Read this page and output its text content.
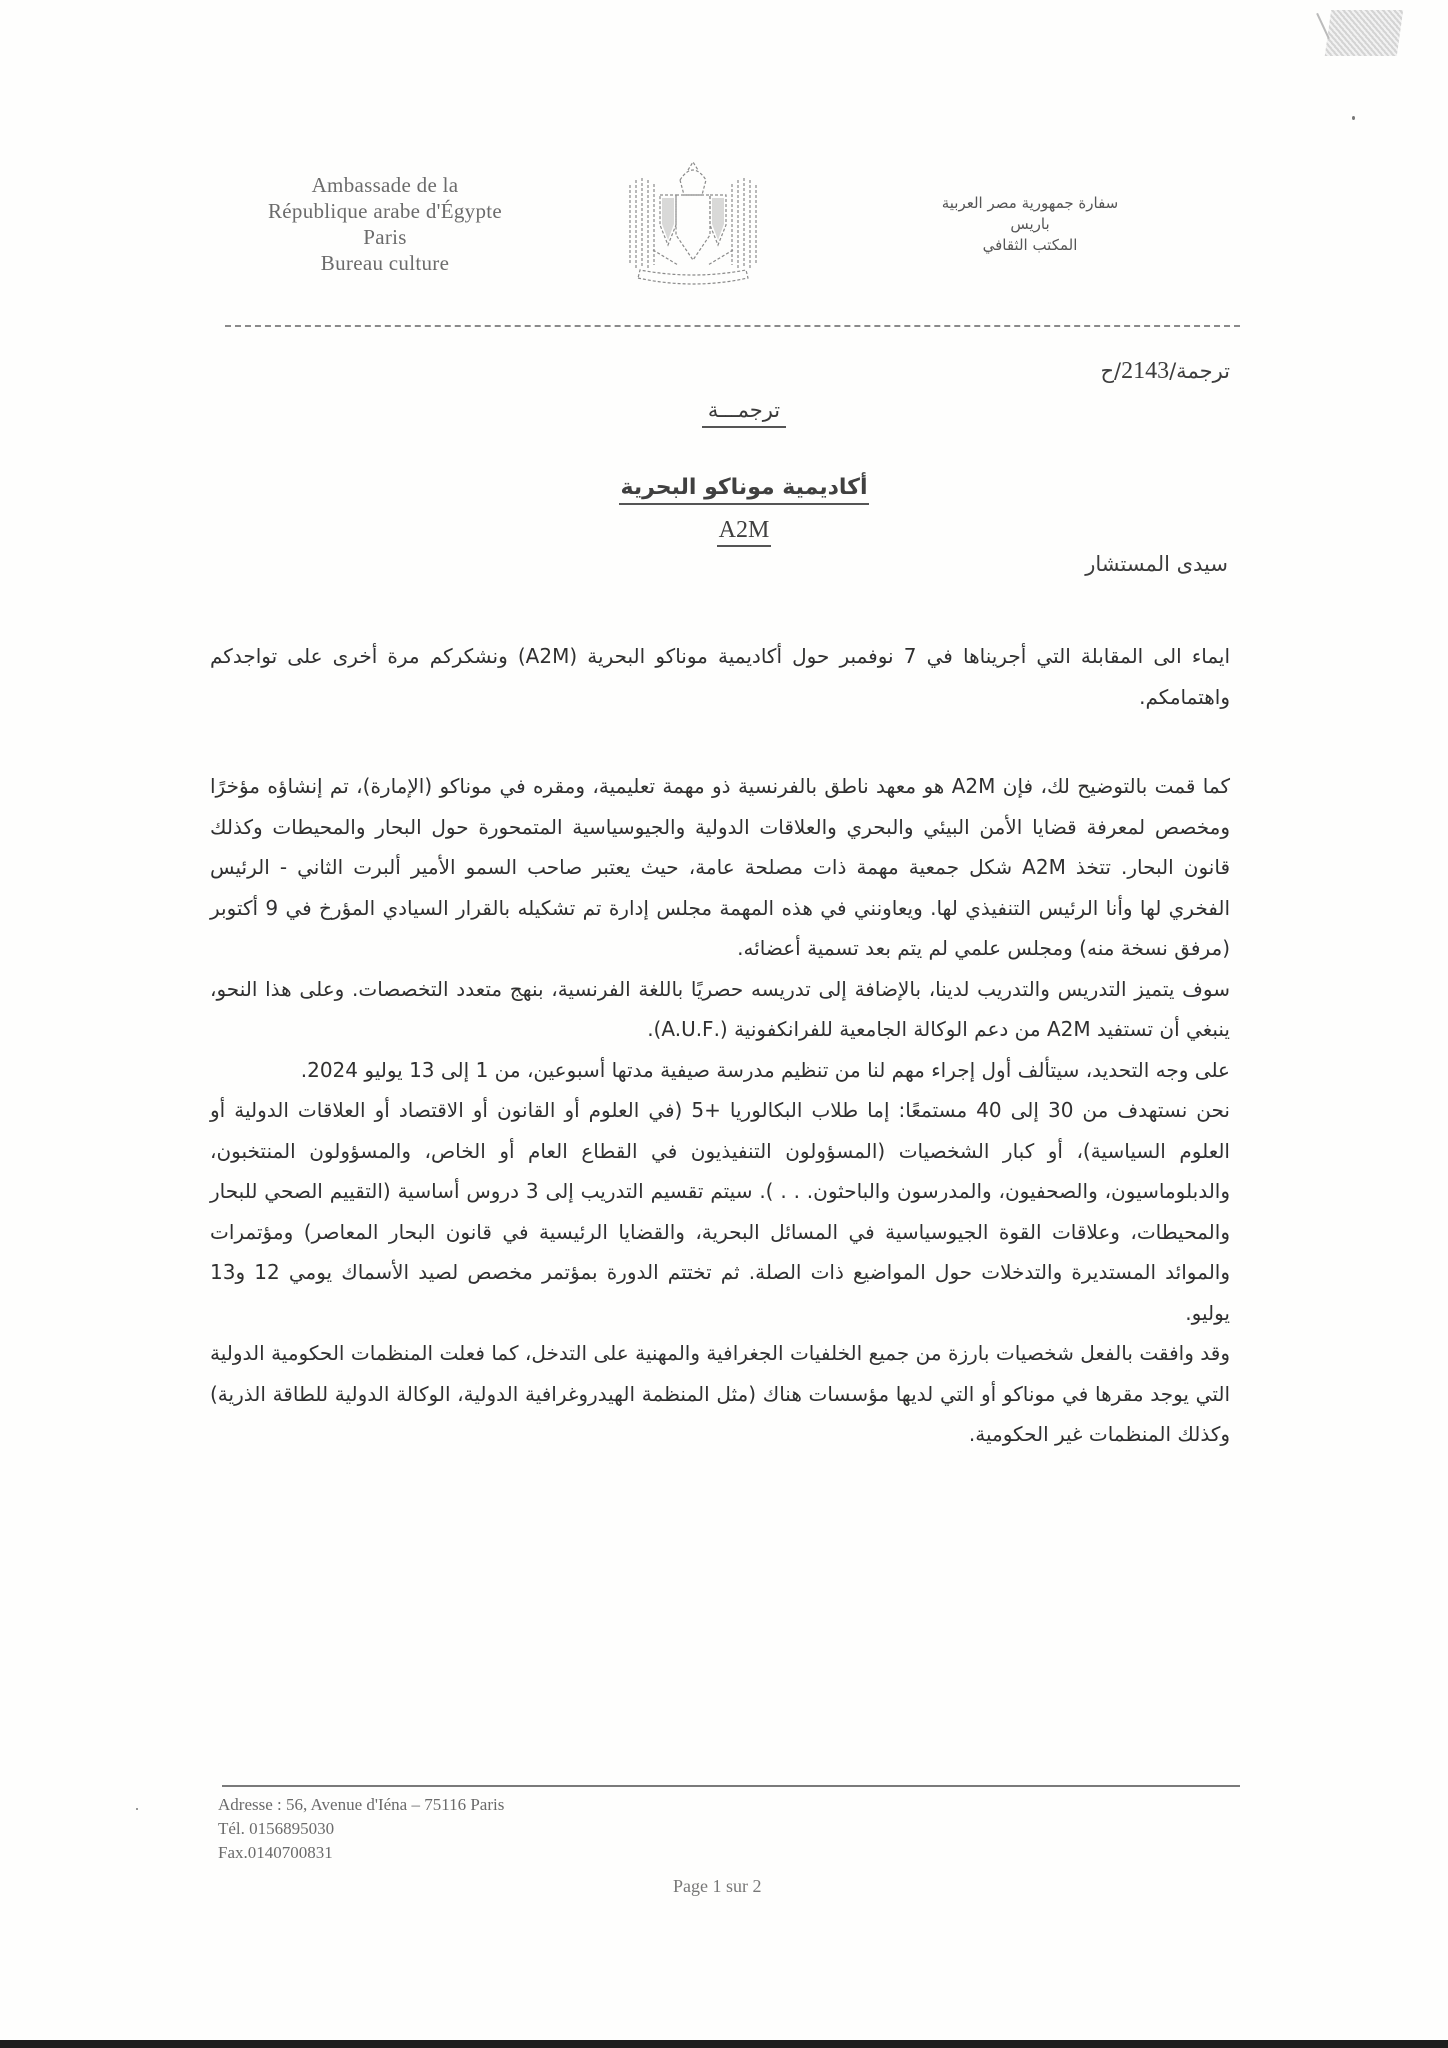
Ambassade de la
République arabe d'Égypte
Paris
Bureau culture
سفارة جمهورية مصر العربية
باريس
المكتب الثقافي
ترجمة/2143/ح
ترجمـــة
أكاديمية موناكو البحرية
A2M
سيدى المستشار

ايماء الى المقابلة التي أجريناها في 7 نوفمبر حول أكاديمية موناكو البحرية (A2M) ونشكركم مرة أخرى على تواجدكم واهتمامكم.

كما قمت بالتوضيح لك، فإن A2M هو معهد ناطق بالفرنسية ذو مهمة تعليمية، ومقره في موناكو (الإمارة)، تم إنشاؤه مؤخرًا ومخصص لمعرفة قضايا الأمن البيئي والبحري والعلاقات الدولية والجيوسياسية المتمحورة حول البحار والمحيطات وكذلك قانون البحار. تتخذ A2M شكل جمعية مهمة ذات مصلحة عامة، حيث يعتبر صاحب السمو الأمير ألبرت الثاني - الرئيس الفخري لها وأنا الرئيس التنفيذي لها. ويعاونني في هذه المهمة مجلس إدارة تم تشكيله بالقرار السيادي المؤرخ في 9 أكتوبر (مرفق نسخة منه) ومجلس علمي لم يتم بعد تسمية أعضائه.

سوف يتميز التدريس والتدريب لدينا، بالإضافة إلى تدريسه حصريًا باللغة الفرنسية، بنهج متعدد التخصصات. وعلى هذا النحو، ينبغي أن تستفيد A2M من دعم الوكالة الجامعية للفرانكفونية (.A.U.F).

على وجه التحديد، سيتألف أول إجراء مهم لنا من تنظيم مدرسة صيفية مدتها أسبوعين، من 1 إلى 13 يوليو 2024.

نحن نستهدف من 30 إلى 40 مستمعًا: إما طلاب البكالوريا +5 (في العلوم أو القانون أو الاقتصاد أو العلاقات الدولية أو العلوم السياسية)، أو كبار الشخصيات (المسؤولون التنفيذيون في القطاع العام أو الخاص، والمسؤولون المنتخبون، والدبلوماسيون، والصحفيون، والمدرسون والباحثون. . . ). سيتم تقسيم التدريب إلى 3 دروس أساسية (التقييم الصحي للبحار والمحيطات، وعلاقات القوة الجيوسياسية في المسائل البحرية، والقضايا الرئيسية في قانون البحار المعاصر) ومؤتمرات والموائد المستديرة والتدخلات حول المواضيع ذات الصلة. ثم تختتم الدورة بمؤتمر مخصص لصيد الأسماك يومي 12 و13 يوليو.

وقد وافقت بالفعل شخصيات بارزة من جميع الخلفيات الجغرافية والمهنية على التدخل، كما فعلت المنظمات الحكومية الدولية التي يوجد مقرها في موناكو أو التي لديها مؤسسات هناك (مثل المنظمة الهيدروغرافية الدولية، الوكالة الدولية للطاقة الذرية) وكذلك المنظمات غير الحكومية.

Adresse : 56, Avenue d'Iéna – 75116 Paris
Tél. 0156895030
Fax.0140700831
Page 1 sur 2
